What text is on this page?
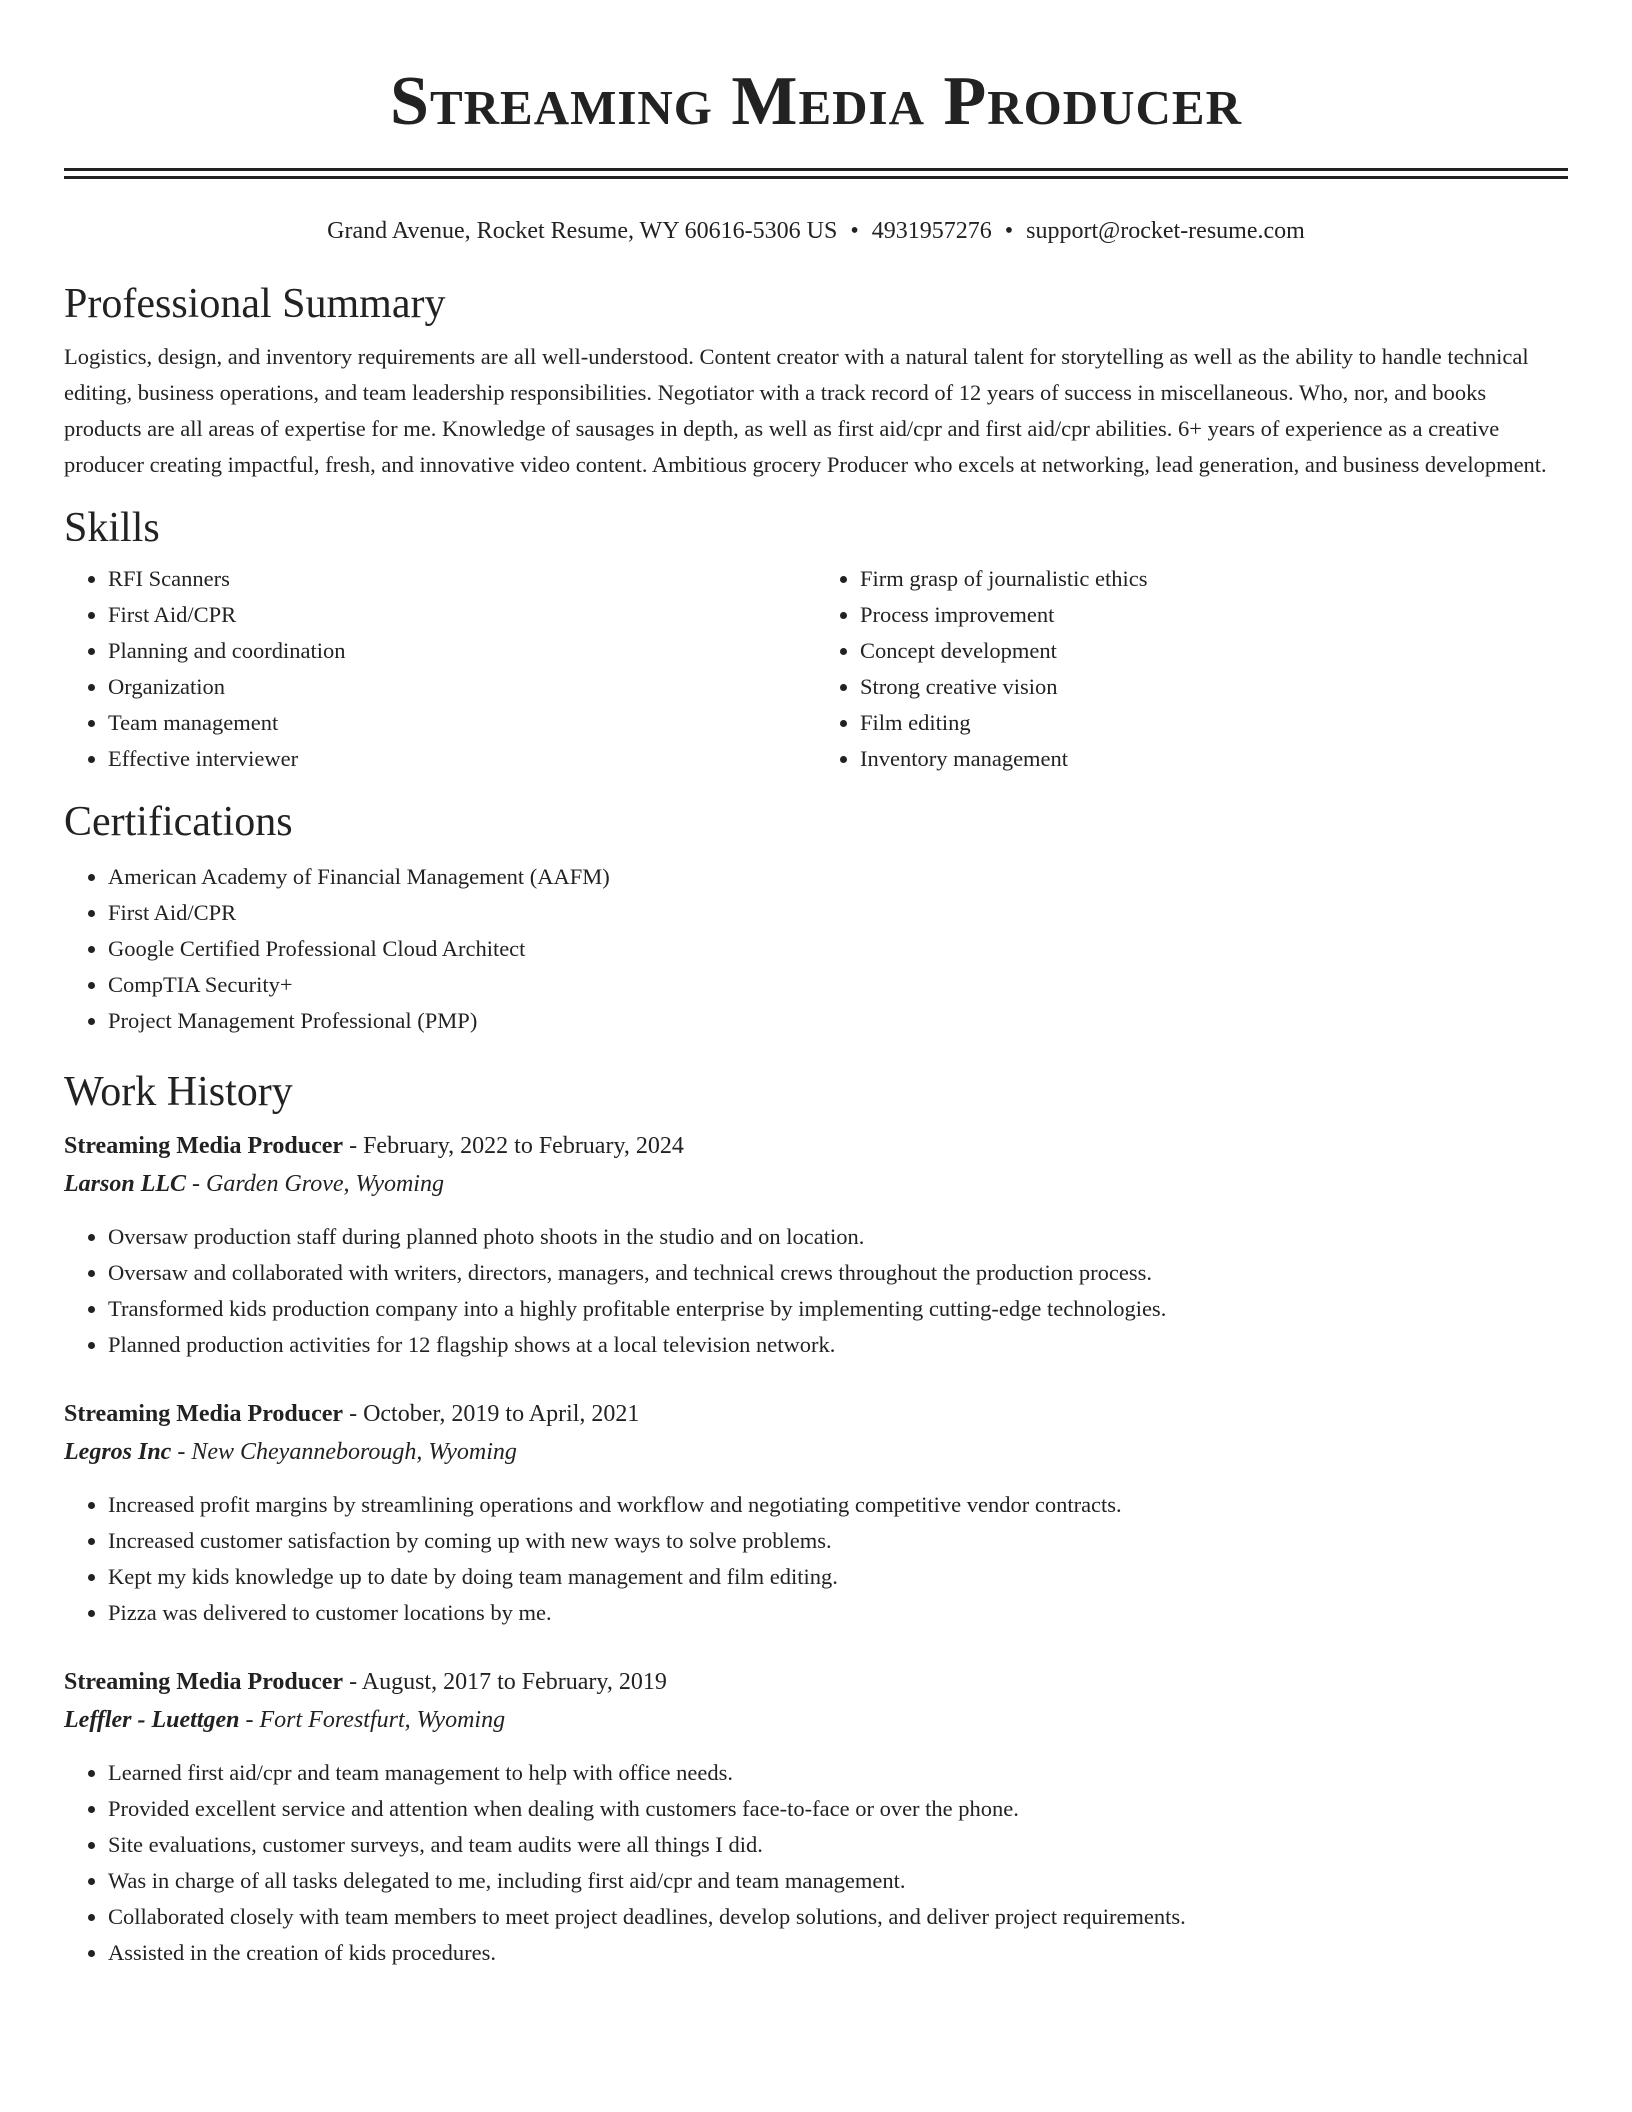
Streaming Media Producer
Grand Avenue, Rocket Resume, WY 60616-5306 US • 4931957276 • support@rocket-resume.com
Professional Summary

Logistics, design, and inventory requirements are all well-understood. Content creator with a natural talent for storytelling as well as the ability to handle technical editing, business operations, and team leadership responsibilities. Negotiator with a track record of 12 years of success in miscellaneous. Who, nor, and books products are all areas of expertise for me. Knowledge of sausages in depth, as well as first aid/cpr and first aid/cpr abilities. 6+ years of experience as a creative producer creating impactful, fresh, and innovative video content. Ambitious grocery Producer who excels at networking, lead generation, and business development.

Skills
• RFI Scanners
• First Aid/CPR
• Planning and coordination
• Organization
• Team management
• Effective interviewer
• Firm grasp of journalistic ethics
• Process improvement
• Concept development
• Strong creative vision
• Film editing
• Inventory management
Certifications
• American Academy of Financial Management (AAFM)
• First Aid/CPR
• Google Certified Professional Cloud Architect
• CompTIA Security+
• Project Management Professional (PMP)
Work History
Streaming Media Producer - February, 2022 to February, 2024
Larson LLC - Garden Grove, Wyoming
• Oversaw production staff during planned photo shoots in the studio and on location.
• Oversaw and collaborated with writers, directors, managers, and technical crews throughout the production process.
• Transformed kids production company into a highly profitable enterprise by implementing cutting-edge technologies.
• Planned production activities for 12 flagship shows at a local television network.
Streaming Media Producer - October, 2019 to April, 2021
Legros Inc - New Cheyanneborough, Wyoming
• Increased profit margins by streamlining operations and workflow and negotiating competitive vendor contracts.
• Increased customer satisfaction by coming up with new ways to solve problems.
• Kept my kids knowledge up to date by doing team management and film editing.
• Pizza was delivered to customer locations by me.
Streaming Media Producer - August, 2017 to February, 2019
Leffler - Luettgen - Fort Forestfurt, Wyoming
• Learned first aid/cpr and team management to help with office needs.
• Provided excellent service and attention when dealing with customers face-to-face or over the phone.
• Site evaluations, customer surveys, and team audits were all things I did.
• Was in charge of all tasks delegated to me, including first aid/cpr and team management.
• Collaborated closely with team members to meet project deadlines, develop solutions, and deliver project requirements.
• Assisted in the creation of kids procedures.
